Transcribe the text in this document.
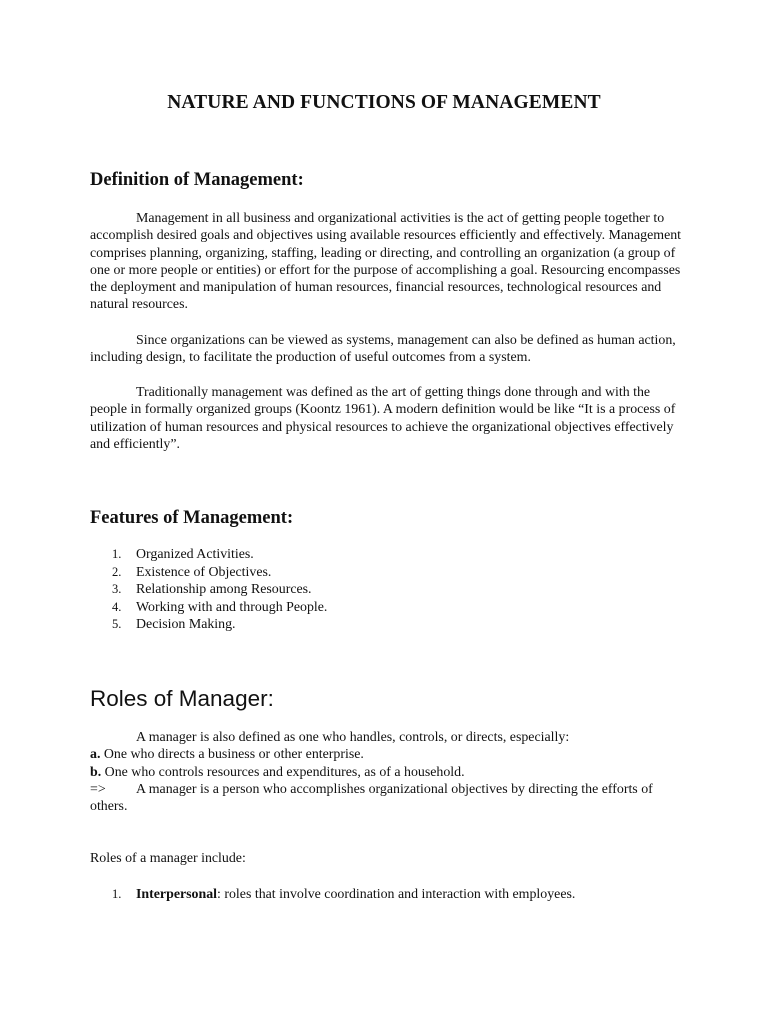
NATURE AND FUNCTIONS OF MANAGEMENT
Definition of Management:

Management in all business and organizational activities is the act of getting people together to accomplish desired goals and objectives using available resources efficiently and effectively. Management comprises planning, organizing, staffing, leading or directing, and controlling an organization (a group of one or more people or entities) or effort for the purpose of accomplishing a goal. Resourcing encompasses the deployment and manipulation of human resources, financial resources, technological resources and natural resources.

Since organizations can be viewed as systems, management can also be defined as human action, including design, to facilitate the production of useful outcomes from a system.

Traditionally management was defined as the art of getting things done through and with the people in formally organized groups (Koontz 1961). A modern definition would be like “It is a process of utilization of human resources and physical resources to achieve the organizational objectives effectively and efficiently”.

Features of Management:
1.	Organized Activities.
2.	Existence of Objectives.
3.	Relationship among Resources.
4.	Working with and through People.
5.	Decision Making.
Roles of Manager:

A manager is also defined as one who handles, controls, or directs, especially:

a. One who directs a business or other enterprise.
b. One who controls resources and expenditures, as of a household.
=>	A manager is a person who accomplishes organizational objectives by directing the efforts of others.

Roles of a manager include:
1.	Interpersonal: roles that involve coordination and interaction with employees.
